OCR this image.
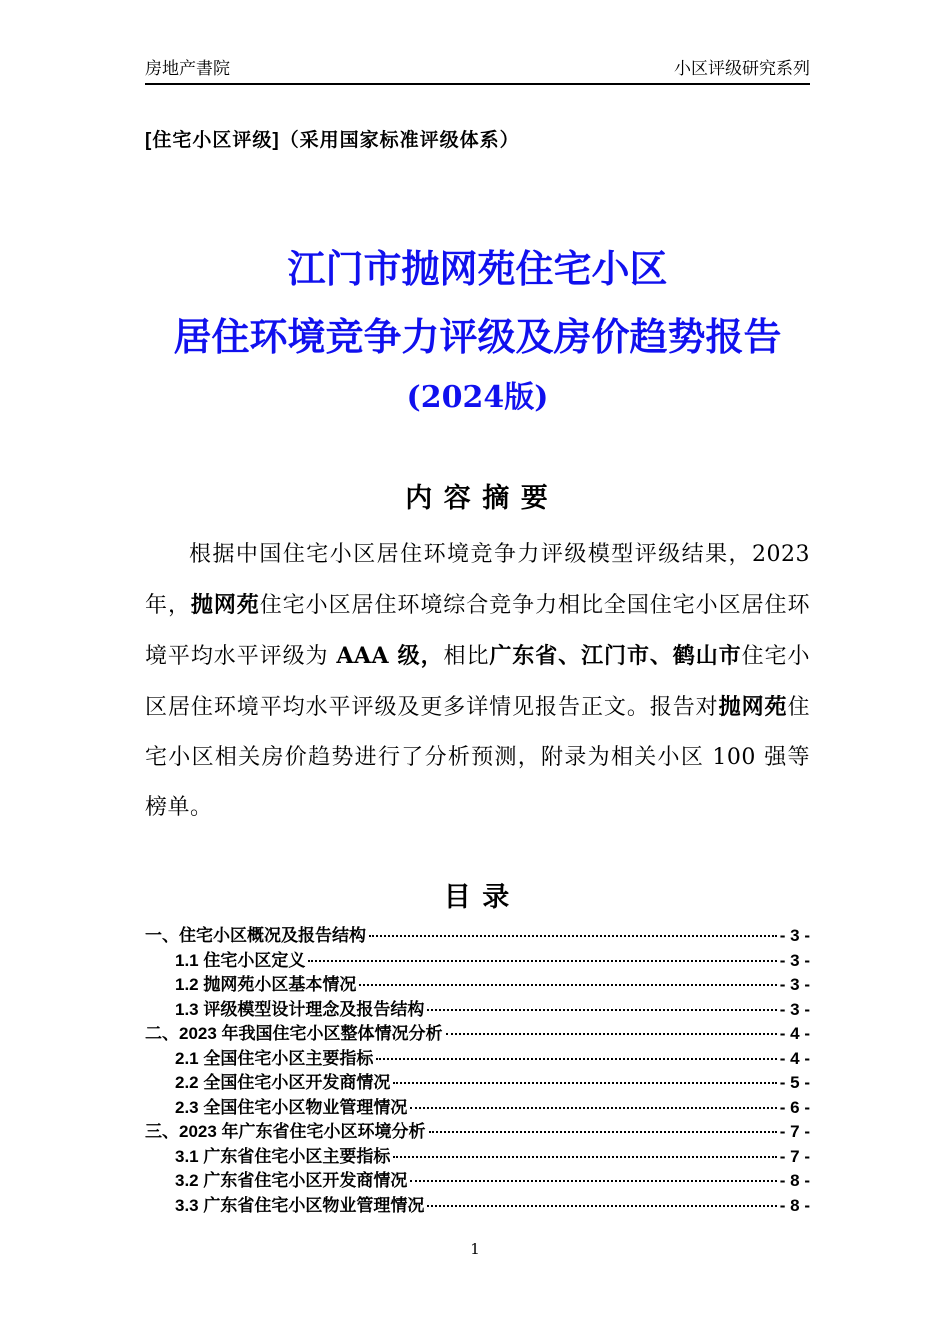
房地产書院	小区评级研究系列
[住宅小区评级]（采用国家标准评级体系）
江门市抛网苑住宅小区
居住环境竞争力评级及房价趋势报告
(2024版)
内 容 摘 要

根据中国住宅小区居住环境竞争力评级模型评级结果，2023 年，抛网苑住宅小区居住环境综合竞争力相比全国住宅小区居住环境平均水平评级为 AAA 级，相比广东省、江门市、鹤山市住宅小区居住环境平均水平评级及更多详情见报告正文。报告对抛网苑住宅小区相关房价趋势进行了分析预测，附录为相关小区 100 强等榜单。

目 录
一、住宅小区概况及报告结构	- 3 -
1.1 住宅小区定义	- 3 -
1.2 抛网苑小区基本情况	- 3 -
1.3 评级模型设计理念及报告结构	- 3 -
二、2023 年我国住宅小区整体情况分析	- 4 -
2.1 全国住宅小区主要指标	- 4 -
2.2 全国住宅小区开发商情况	- 5 -
2.3 全国住宅小区物业管理情况	- 6 -
三、2023 年广东省住宅小区环境分析	- 7 -
3.1 广东省住宅小区主要指标	- 7 -
3.2 广东省住宅小区开发商情况	- 8 -
3.3 广东省住宅小区物业管理情况	- 8 -
1
